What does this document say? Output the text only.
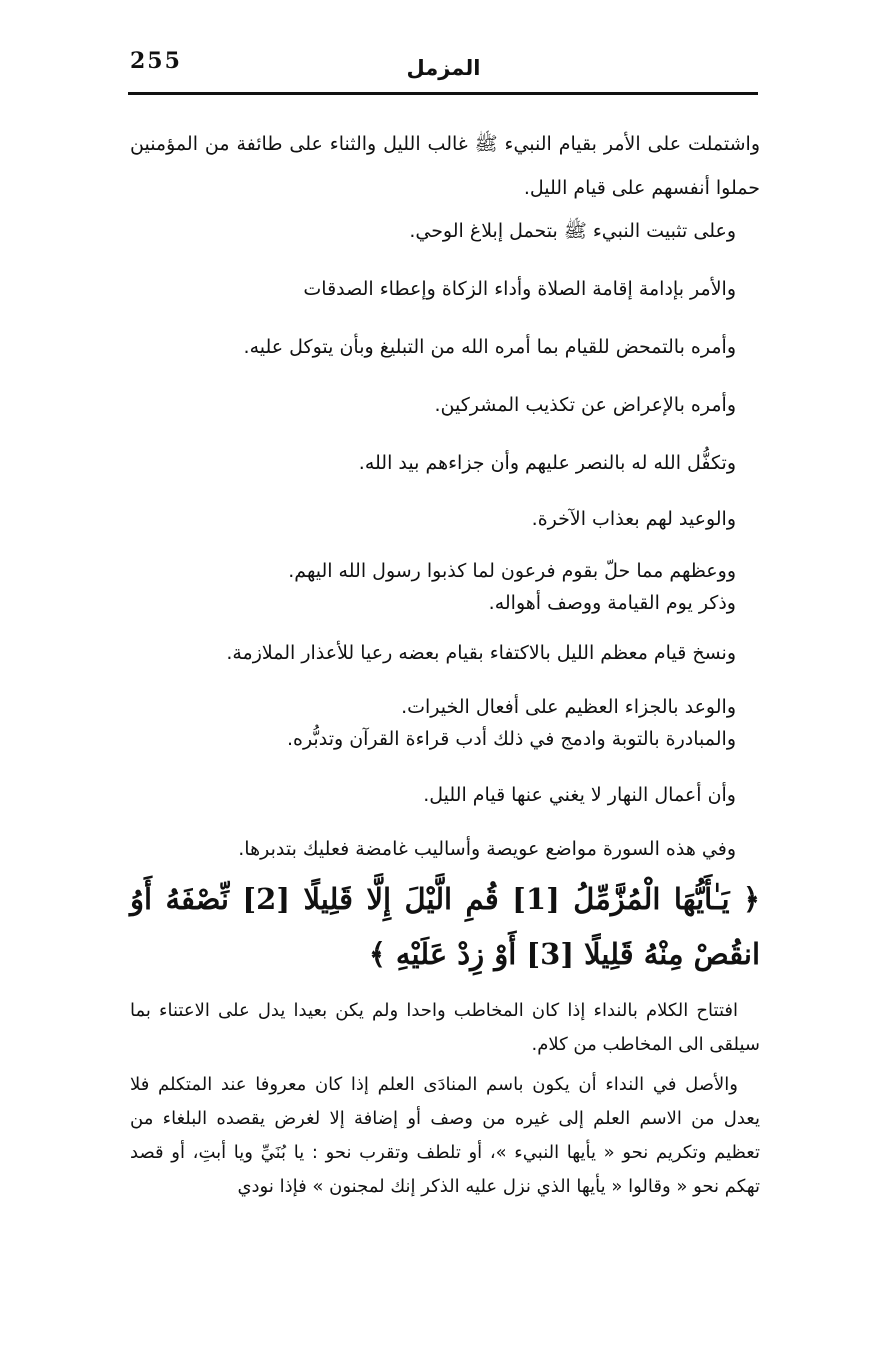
255	المزمل

واشتملت على الأمر بقيام النبيء ﷺ غالب الليل والثناء على طائفة من المؤمنين حملوا أنفسهم على قيام الليل.

وعلى تثبيت النبيء ﷺ بتحمل إبلاغ الوحي.

والأمر بإدامة إقامة الصلاة وأداء الزكاة وإعطاء الصدقات

وأمره بالتمحض للقيام بما أمره الله من التبليغ وبأن يتوكل عليه.

وأمره بالإعراض عن تكذيب المشركين.

وتكفُّل الله له بالنصر عليهم وأن جزاءهم بيد الله.

والوعيد لهم بعذاب الآخرة.

ووعظهم مما حلّ بقوم فرعون لما كذبوا رسول الله اليهم.

وذكر يوم القيامة ووصف أهواله.

ونسخ قيام معظم الليل بالاكتفاء بقيام بعضه رعيا للأعذار الملازمة.

والوعد بالجزاء العظيم على أفعال الخيرات.

والمبادرة بالتوبة وادمج في ذلك أدب قراءة القرآن وتدبُّره.

وأن أعمال النهار لا يغني عنها قيام الليل.

وفي هذه السورة مواضع عويصة وأساليب غامضة فعليك بتدبرها.

﴿ يَـٰأَيُّهَا الْمُزَّمِّلُ [1] قُمِ الَّيْلَ إِلَّا قَلِيلًا [2] نِّصْفَهُ أَوُ انقُصْ مِنْهُ قَلِيلًا [3] أَوْ زِدْ عَلَيْهِ ﴾

افتتاح الكلام بالنداء إذا كان المخاطب واحدا ولم يكن بعيدا يدل على الاعتناء بما سيلقى الى المخاطب من كلام.

والأصل في النداء أن يكون باسم المنادَى العلم إذا كان معروفا عند المتكلم فلا يعدل من الاسم العلم إلى غيره من وصف أو إضافة إلا لغرض يقصده البلغاء من تعظيم وتكريم نحو « يأيها النبيء »، أو تلطف وتقرب نحو : يا بُنَيِّ ويا أبتِ، أو قصد تهكم نحو « وقالوا « يأيها الذي نزل عليه الذكر إنك لمجنون » فإذا نودي
